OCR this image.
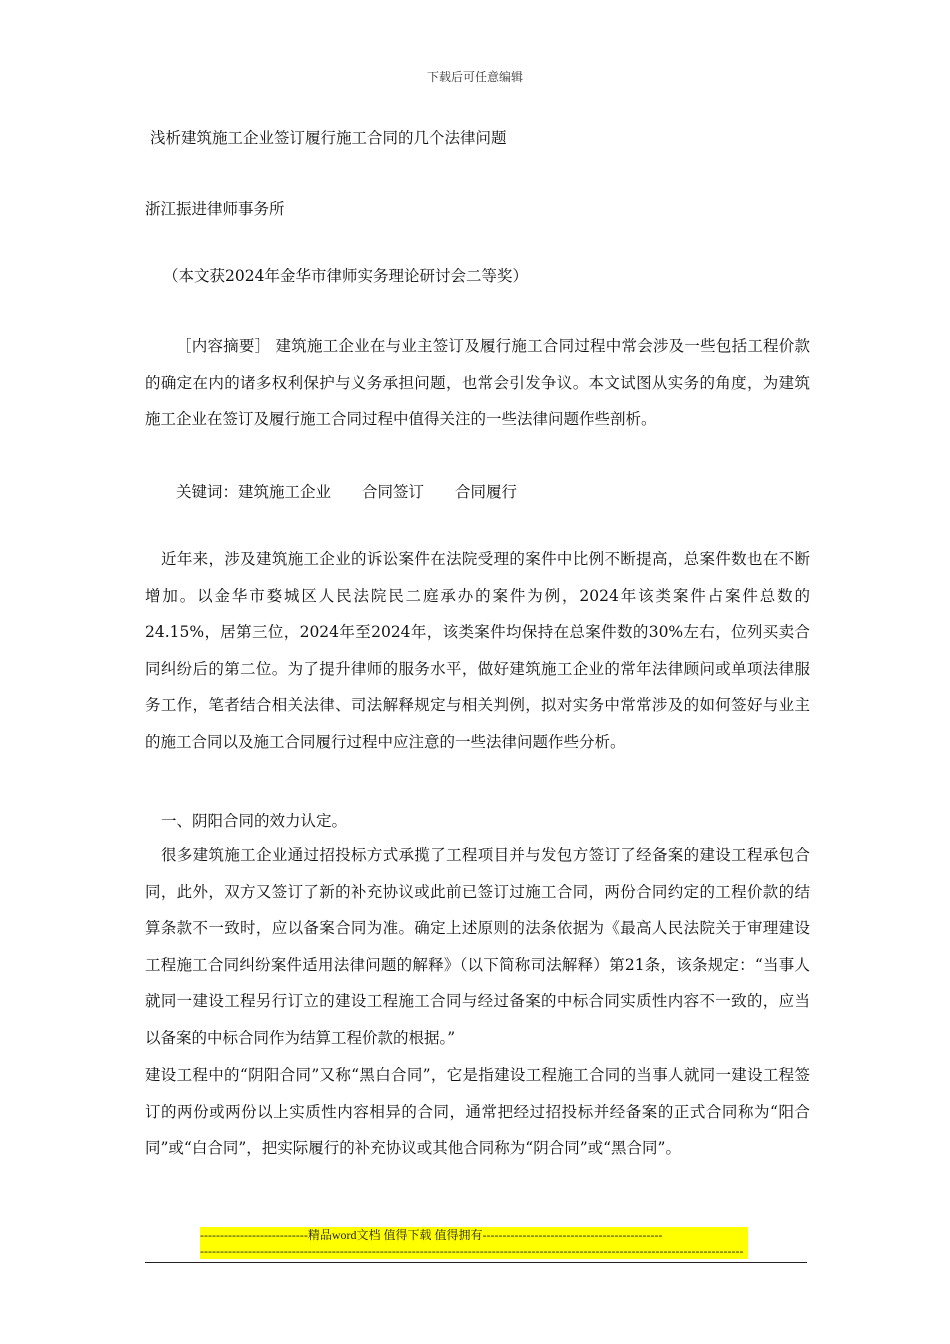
下载后可任意编辑
浅析建筑施工企业签订履行施工合同的几个法律问题
浙江振进律师事务所
（本文获2024年金华市律师实务理论研讨会二等奖）
［内容摘要］ 建筑施工企业在与业主签订及履行施工合同过程中常会涉及一些包括工程价款的确定在内的诸多权利保护与义务承担问题，也常会引发争议。本文试图从实务的角度，为建筑施工企业在签订及履行施工合同过程中值得关注的一些法律问题作些剖析。
关键词：建筑施工企业　　合同签订　　合同履行
近年来，涉及建筑施工企业的诉讼案件在法院受理的案件中比例不断提高，总案件数也在不断增加。以金华市婺城区人民法院民二庭承办的案件为例，2024年该类案件占案件总数的24.15%，居第三位，2024年至2024年，该类案件均保持在总案件数的30%左右，位列买卖合同纠纷后的第二位。为了提升律师的服务水平，做好建筑施工企业的常年法律顾问或单项法律服务工作，笔者结合相关法律、司法解释规定与相关判例，拟对实务中常常涉及的如何签好与业主的施工合同以及施工合同履行过程中应注意的一些法律问题作些分析。
一、阴阳合同的效力认定。
很多建筑施工企业通过招投标方式承揽了工程项目并与发包方签订了经备案的建设工程承包合同，此外，双方又签订了新的补充协议或此前已签订过施工合同，两份合同约定的工程价款的结算条款不一致时，应以备案合同为准。确定上述原则的法条依据为《最高人民法院关于审理建设工程施工合同纠纷案件适用法律问题的解释》（以下简称司法解释）第21条，该条规定：“当事人就同一建设工程另行订立的建设工程施工合同与经过备案的中标合同实质性内容不一致的，应当以备案的中标合同作为结算工程价款的根据。”
建设工程中的“阴阳合同”又称“黑白合同”，它是指建设工程施工合同的当事人就同一建设工程签订的两份或两份以上实质性内容相异的合同，通常把经过招投标并经备案的正式合同称为“阳合同”或“白合同”，把实际履行的补充协议或其他合同称为“阴合同”或“黑合同”。
---------------------------精品word文档 值得下载 值得拥有---------------------------------------------
----------------------------------------------------------------------------------------------------------------------------------------
